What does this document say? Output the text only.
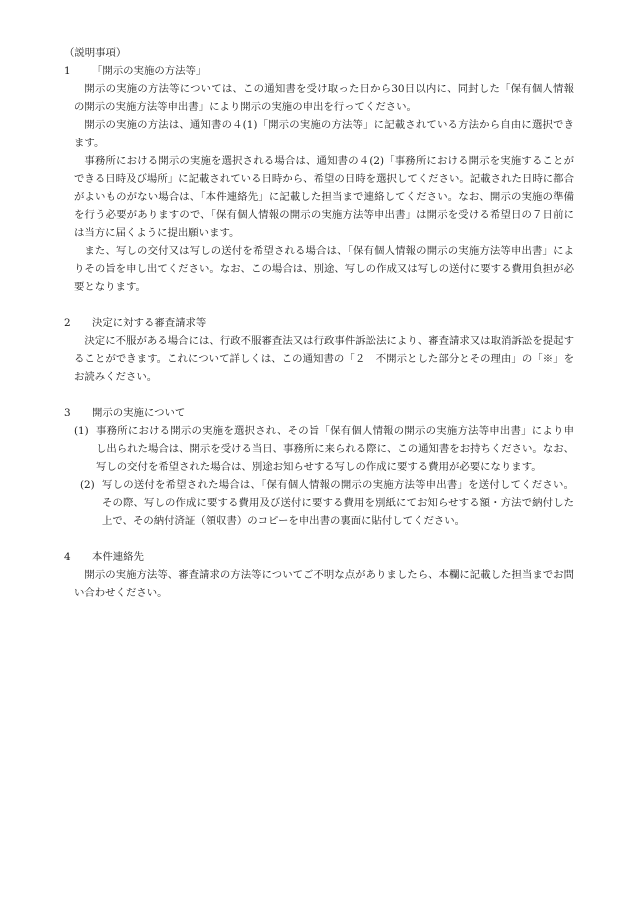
（説明事項）

1 「開示の実施の方法等」

開示の実施の方法等については、この通知書を受け取った日から30日以内に、同封した「保有個人情報の開示の実施方法等申出書」により開示の実施の申出を行ってください。

開示の実施の方法は、通知書の４(1)「開示の実施の方法等」に記載されている方法から自由に選択できます。

事務所における開示の実施を選択される場合は、通知書の４(2)「事務所における開示を実施することができる日時及び場所」に記載されている日時から、希望の日時を選択してください。記載された日時に都合がよいものがない場合は、「本件連絡先」に記載した担当まで連絡してください。なお、開示の実施の準備を行う必要がありますので、「保有個人情報の開示の実施方法等申出書」は開示を受ける希望日の７日前には当方に届くように提出願います。

また、写しの交付又は写しの送付を希望される場合は、「保有個人情報の開示の実施方法等申出書」によりその旨を申し出てください。なお、この場合は、別途、写しの作成又は写しの送付に要する費用負担が必要となります。

2 決定に対する審査請求等

決定に不服がある場合には、行政不服審査法又は行政事件訴訟法により、審査請求又は取消訴訟を提起することができます。これについて詳しくは、この通知書の「２　不開示とした部分とその理由」の「※」をお読みください。

3 開示の実施について

(1) 事務所における開示の実施を選択され、その旨「保有個人情報の開示の実施方法等申出書」により申し出られた場合は、開示を受ける当日、事務所に来られる際に、この通知書をお持ちください。なお、写しの交付を希望された場合は、別途お知らせする写しの作成に要する費用が必要になります。
(2) 写しの送付を希望された場合は、「保有個人情報の開示の実施方法等申出書」を送付してください。その際、写しの作成に要する費用及び送付に要する費用を別紙にてお知らせする額・方法で納付した上で、その納付済証（領収書）のコピーを申出書の裏面に貼付してください。

4 本件連絡先

開示の実施方法等、審査請求の方法等についてご不明な点がありましたら、本欄に記載した担当までお問い合わせください。
